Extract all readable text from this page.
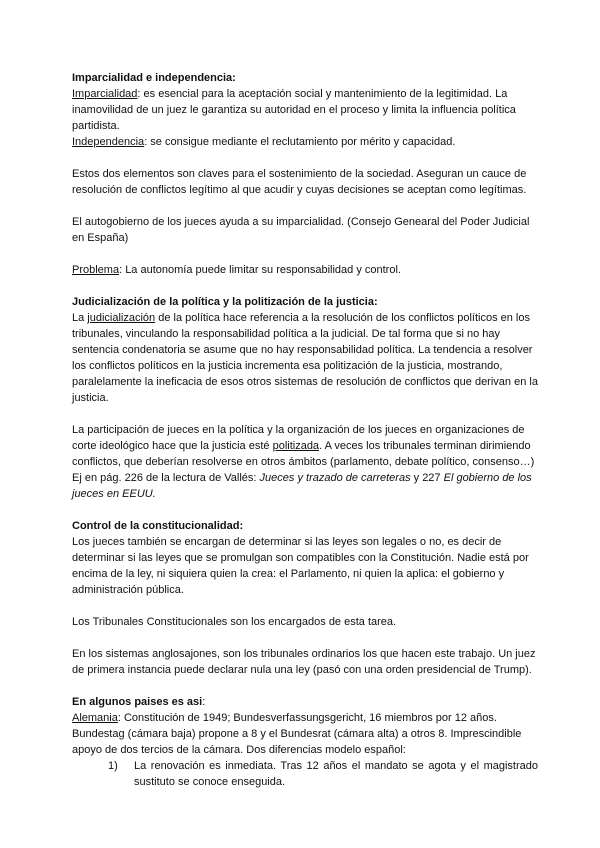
Imparcialidad e independencia:

Imparcialidad: es esencial para la aceptación social y mantenimiento de la legitimidad. La inamovilidad de un juez le garantiza su autoridad en el proceso y limita la influencia política partidista.

Independencia: se consigue mediante el reclutamiento por mérito y capacidad.

Estos dos elementos son claves para el sostenimiento de la sociedad. Aseguran un cauce de resolución de conflictos legítimo al que acudir y cuyas decisiones se aceptan como legítimas.

El autogobierno de los jueces ayuda a su imparcialidad. (Consejo Genearal del Poder Judicial en España)

Problema: La autonomía puede limitar su responsabilidad y control.

Judicialización de la política y la politización de la justicia:

La judicialización de la política hace referencia a la resolución de los conflictos políticos en los tribunales, vinculando la responsabilidad política a la judicial. De tal forma que si no hay sentencia condenatoria se asume que no hay responsabilidad política. La tendencia a resolver los conflictos políticos en la justicia incrementa esa politización de la justicia, mostrando, paralelamente la ineficacia de esos otros sistemas de resolución de conflictos que derivan en la justicia.

La participación de jueces en la política y la organización de los jueces en organizaciones de corte ideológico hace que la justicia esté politizada. A veces los tribunales terminan dirimiendo conflictos, que deberían resolverse en otros ámbitos (parlamento, debate político, consenso…) Ej en pág. 226 de la lectura de Vallés: Jueces y trazado de carreteras y 227 El gobierno de los jueces en EEUU.

Control de la constitucionalidad:

Los jueces también se encargan de determinar si las leyes son legales o no, es decir de determinar si las leyes que se promulgan son compatibles con la Constitución. Nadie está por encima de la ley, ni siquiera quien la crea: el Parlamento, ni quien la aplica: el gobierno y administración pública.

Los Tribunales Constitucionales son los encargados de esta tarea.

En los sistemas anglosajones, son los tribunales ordinarios los que hacen este trabajo. Un juez de primera instancia puede declarar nula una ley (pasó con una orden presidencial de Trump).

En algunos paises es asi:

Alemania: Constitución de 1949; Bundesverfassungsgericht, 16 miembros por 12 años. Bundestag (cámara baja) propone a 8 y el Bundesrat (cámara alta) a otros 8. Imprescindible apoyo de dos tercios de la cámara. Dos diferencias modelo español:

1) La renovación es inmediata. Tras 12 años el mandato se agota y el magistrado sustituto se conoce enseguida.
